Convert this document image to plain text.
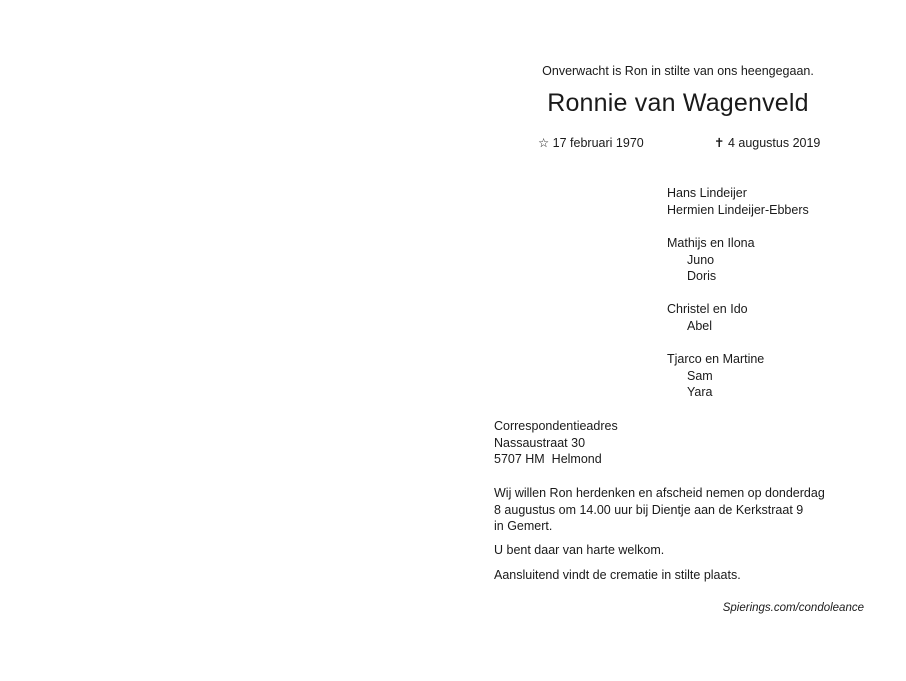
Onverwacht is Ron in stilte van ons heengegaan.
Ronnie van Wagenveld
☆ 17 februari 1970	✝ 4 augustus 2019
Hans Lindeijer
Hermien Lindeijer-Ebbers
Mathijs en Ilona
Juno
Doris
Christel en Ido
Abel
Tjarco en Martine
Sam
Yara
Correspondentieadres
Nassaustraat 30
5707 HM  Helmond

Wij willen Ron herdenken en afscheid nemen op donderdag

8 augustus om 14.00 uur bij Dientje aan de Kerkstraat 9

in Gemert.

U bent daar van harte welkom.
Aansluitend vindt de crematie in stilte plaats.
Spierings.com/condoleance
